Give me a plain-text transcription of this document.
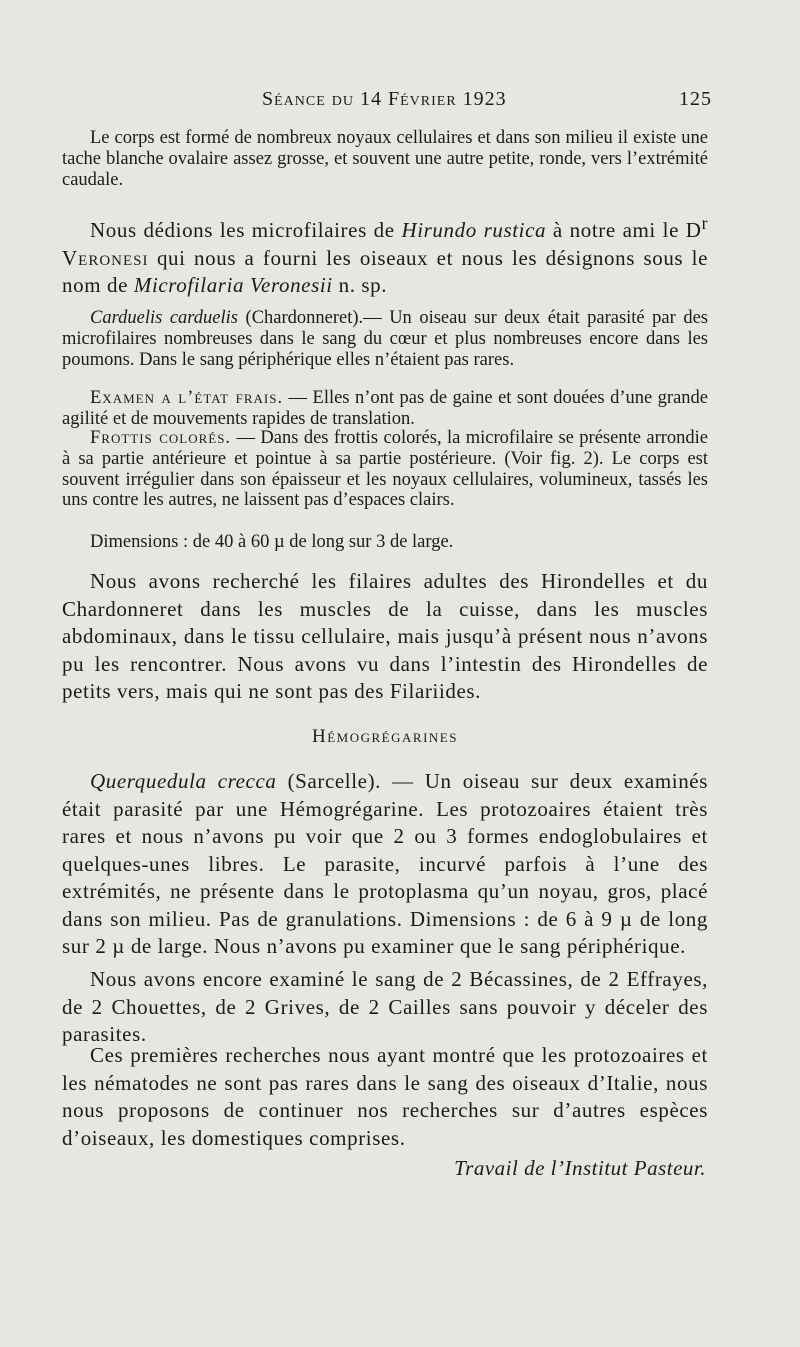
Séance du 14 Février 1923	125

Le corps est formé de nombreux noyaux cellulaires et dans son milieu il existe une tache blanche ovalaire assez grosse, et souvent une autre petite, ronde, vers l’extrémité caudale.

Nous dédions les microfilaires de Hirundo rustica à notre ami le $D^r$ Veronesi qui nous a fourni les oiseaux et nous les désignons sous le nom de Microfilaria Veronesii n. sp.

Carduelis carduelis (Chardonneret).— Un oiseau sur deux était parasité par des microfilaires nombreuses dans le sang du cœur et plus nombreuses encore dans les poumons. Dans le sang périphérique elles n’étaient pas rares.

Examen a l’état frais. — Elles n’ont pas de gaine et sont douées d’une grande agilité et de mouvements rapides de translation.

Frottis colorés. — Dans des frottis colorés, la microfilaire se présente arrondie à sa partie antérieure et pointue à sa partie postérieure. (Voir fig. 2). Le corps est souvent irrégulier dans son épaisseur et les noyaux cellulaires, volumineux, tassés les uns contre les autres, ne laissent pas d’espaces clairs.

Dimensions : de 40 à 60 µ de long sur 3 de large.

Nous avons recherché les filaires adultes des Hirondelles et du Chardonneret dans les muscles de la cuisse, dans les muscles abdominaux, dans le tissu cellulaire, mais jusqu’à présent nous n’avons pu les rencontrer. Nous avons vu dans l’intestin des Hirondelles de petits vers, mais qui ne sont pas des Filariides.

Hémogrégarines

Querquedula crecca (Sarcelle). — Un oiseau sur deux examinés était parasité par une Hémogrégarine. Les protozoaires étaient très rares et nous n’avons pu voir que 2 ou 3 formes endoglobulaires et quelques-unes libres. Le parasite, incurvé parfois à l’une des extrémités, ne présente dans le protoplasma qu’un noyau, gros, placé dans son milieu. Pas de granulations. Dimensions : de 6 à 9 µ de long sur 2 µ de large. Nous n’avons pu examiner que le sang périphérique.

Nous avons encore examiné le sang de 2 Bécassines, de 2 Effrayes, de 2 Chouettes, de 2 Grives, de 2 Cailles sans pouvoir y déceler des parasites.

Ces premières recherches nous ayant montré que les protozoaires et les nématodes ne sont pas rares dans le sang des oiseaux d’Italie, nous nous proposons de continuer nos recherches sur d’autres espèces d’oiseaux, les domestiques comprises.

Travail de l’Institut Pasteur.
